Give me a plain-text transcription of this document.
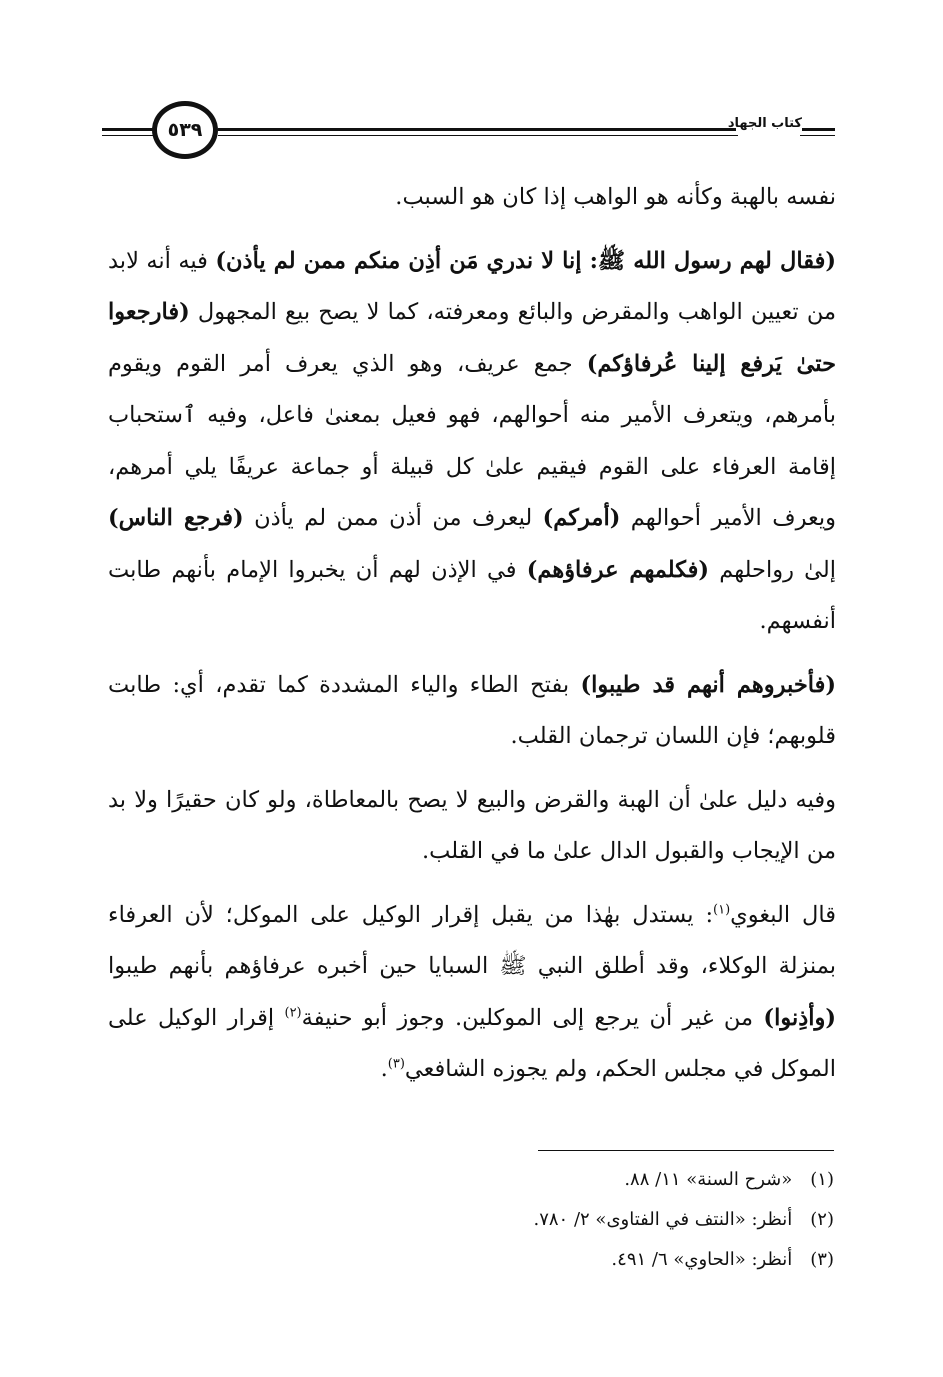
٥٣٩	كتاب الجهاد

نفسه بالهبة وكأنه هو الواهب إذا كان هو السبب.

(فقال لهم رسول الله ﷺ: إنا لا ندري مَن أذِن منكم ممن لم يأذن) فيه أنه لابد من تعيين الواهب والمقرض والبائع ومعرفته، كما لا يصح بيع المجهول (فارجعوا حتىٰ يَرفع إلينا عُرفاؤكم) جمع عريف، وهو الذي يعرف أمر القوم ويقوم بأمرهم، ويتعرف الأمير منه أحوالهم، فهو فعيل بمعنىٰ فاعل، وفيه ٱستحباب إقامة العرفاء على القوم فيقيم علىٰ كل قبيلة أو جماعة عريفًا يلي أمرهم، ويعرف الأمير أحوالهم (أمركم) ليعرف من أذن ممن لم يأذن (فرجع الناس) إلىٰ رواحلهم (فكلمهم عرفاؤهم) في الإذن لهم أن يخبروا الإمام بأنهم طابت أنفسهم.

(فأخبروهم أنهم قد طيبوا) بفتح الطاء والياء المشددة كما تقدم، أي: طابت قلوبهم؛ فإن اللسان ترجمان القلب.

وفيه دليل علىٰ أن الهبة والقرض والبيع لا يصح بالمعاطاة، ولو كان حقيرًا ولا بد من الإيجاب والقبول الدال علىٰ ما في القلب.

قال البغوي$^{(١)}$: يستدل بهٰذا من يقبل إقرار الوكيل على الموكل؛ لأن العرفاء بمنزلة الوكلاء، وقد أطلق النبي ﷺ السبايا حين أخبره عرفاؤهم بأنهم طيبوا (وأذِنوا) من غير أن يرجع إلى الموكلين. وجوز أبو حنيفة$^{(٢)}$ إقرار الوكيل على الموكل في مجلس الحكم، ولم يجوزه الشافعي$^{(٣)}$.

(١)
«شرح السنة» ١١/ ٨٨.
(٢)
أنظر: «النتف في الفتاوى» ٢/ ٧٨٠.
(٣)
أنظر: «الحاوي» ٦/ ٤٩١.
